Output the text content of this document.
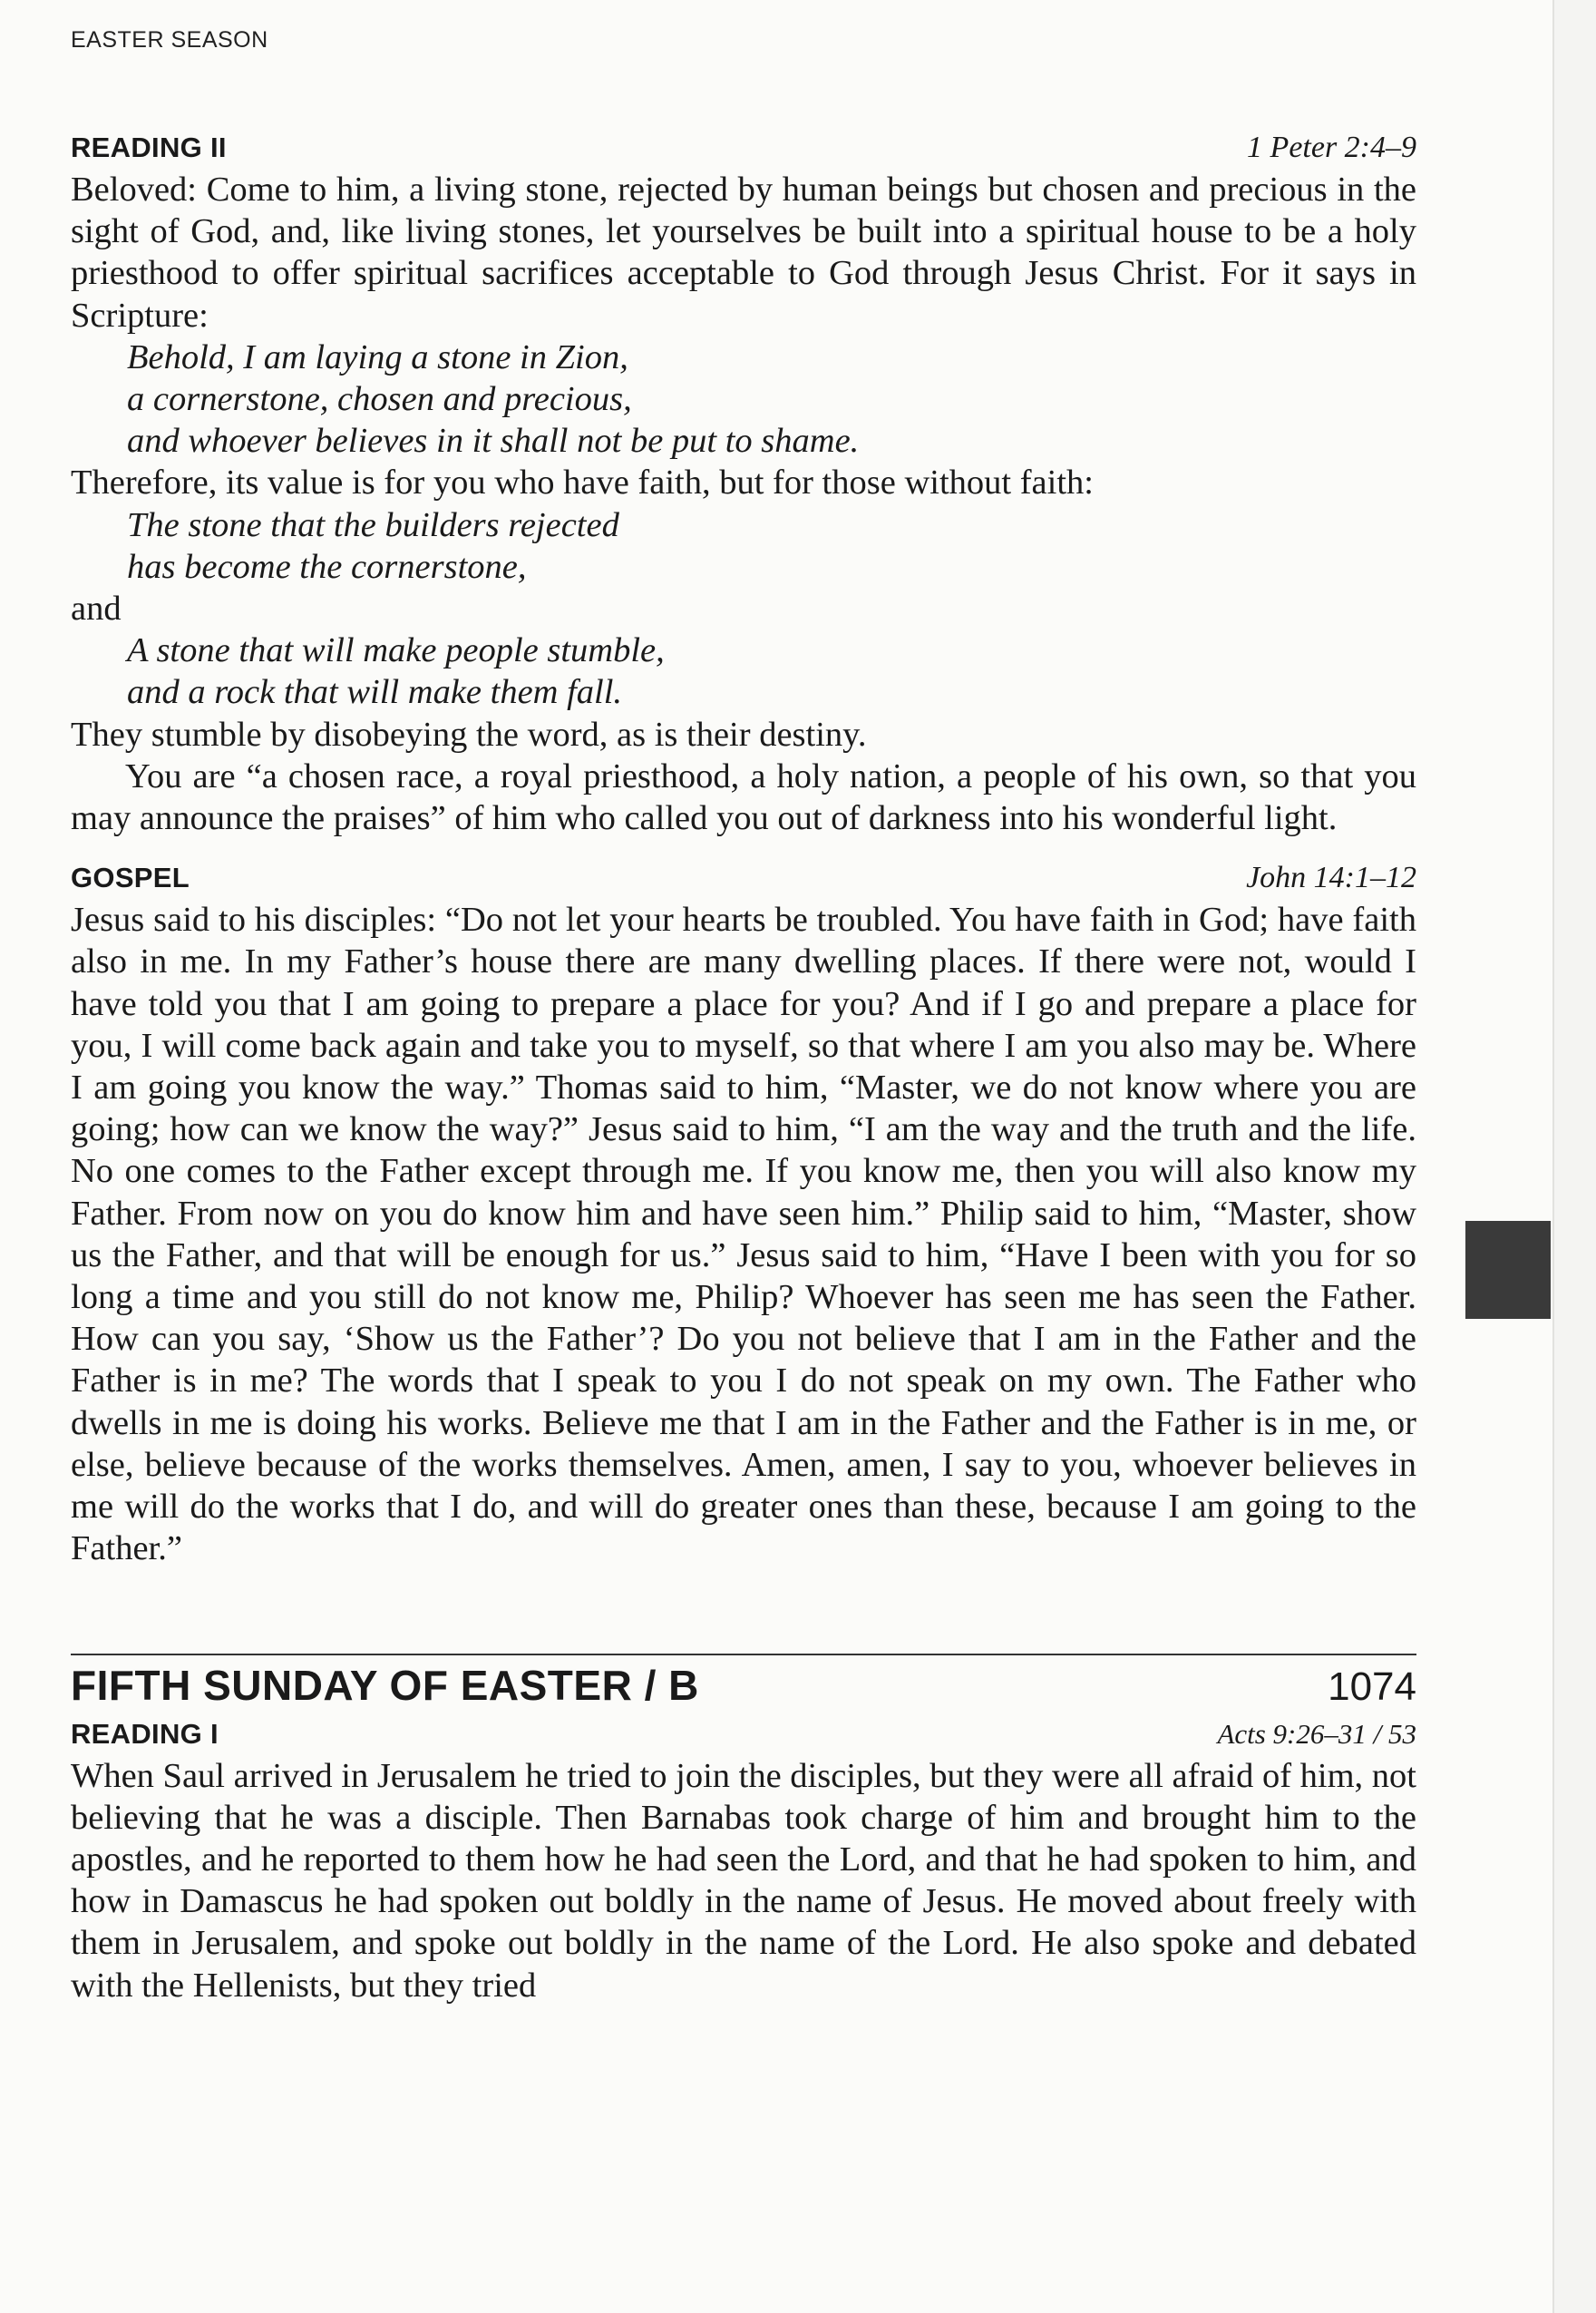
EASTER SEASON
READING II	1 Peter 2:4–9

Beloved: Come to him, a living stone, rejected by human beings but chosen and precious in the sight of God, and, like living stones, let yourselves be built into a spiritual house to be a holy priesthood to offer spiritual sacrifices acceptable to God through Jesus Christ. For it says in Scripture:

Behold, I am laying a stone in Zion,
a cornerstone, chosen and precious,
and whoever believes in it shall not be put to shame.

Therefore, its value is for you who have faith, but for those without faith:

The stone that the builders rejected
has become the cornerstone,

and

A stone that will make people stumble,
and a rock that will make them fall.

They stumble by disobeying the word, as is their destiny.

You are “a chosen race, a royal priesthood, a holy nation, a people of his own, so that you may announce the praises” of him who called you out of darkness into his wonderful light.

GOSPEL	John 14:1–12

Jesus said to his disciples: “Do not let your hearts be troubled. You have faith in God; have faith also in me. In my Father’s house there are many dwelling places. If there were not, would I have told you that I am going to prepare a place for you? And if I go and prepare a place for you, I will come back again and take you to myself, so that where I am you also may be. Where I am going you know the way.” Thomas said to him, “Master, we do not know where you are going; how can we know the way?” Jesus said to him, “I am the way and the truth and the life. No one comes to the Father except through me. If you know me, then you will also know my Father. From now on you do know him and have seen him.” Philip said to him, “Master, show us the Father, and that will be enough for us.” Jesus said to him, “Have I been with you for so long a time and you still do not know me, Philip? Whoever has seen me has seen the Father. How can you say, ‘Show us the Father’? Do you not believe that I am in the Father and the Father is in me? The words that I speak to you I do not speak on my own. The Father who dwells in me is doing his works. Believe me that I am in the Father and the Father is in me, or else, believe because of the works themselves. Amen, amen, I say to you, whoever believes in me will do the works that I do, and will do greater ones than these, because I am going to the Father.”

FIFTH SUNDAY OF EASTER / B	1074
READING I	Acts 9:26–31 / 53

When Saul arrived in Jerusalem he tried to join the disciples, but they were all afraid of him, not believing that he was a disciple. Then Barnabas took charge of him and brought him to the apostles, and he reported to them how he had seen the Lord, and that he had spoken to him, and how in Damascus he had spoken out boldly in the name of Jesus. He moved about freely with them in Jerusalem, and spoke out boldly in the name of the Lord. He also spoke and debated with the Hellenists, but they tried
